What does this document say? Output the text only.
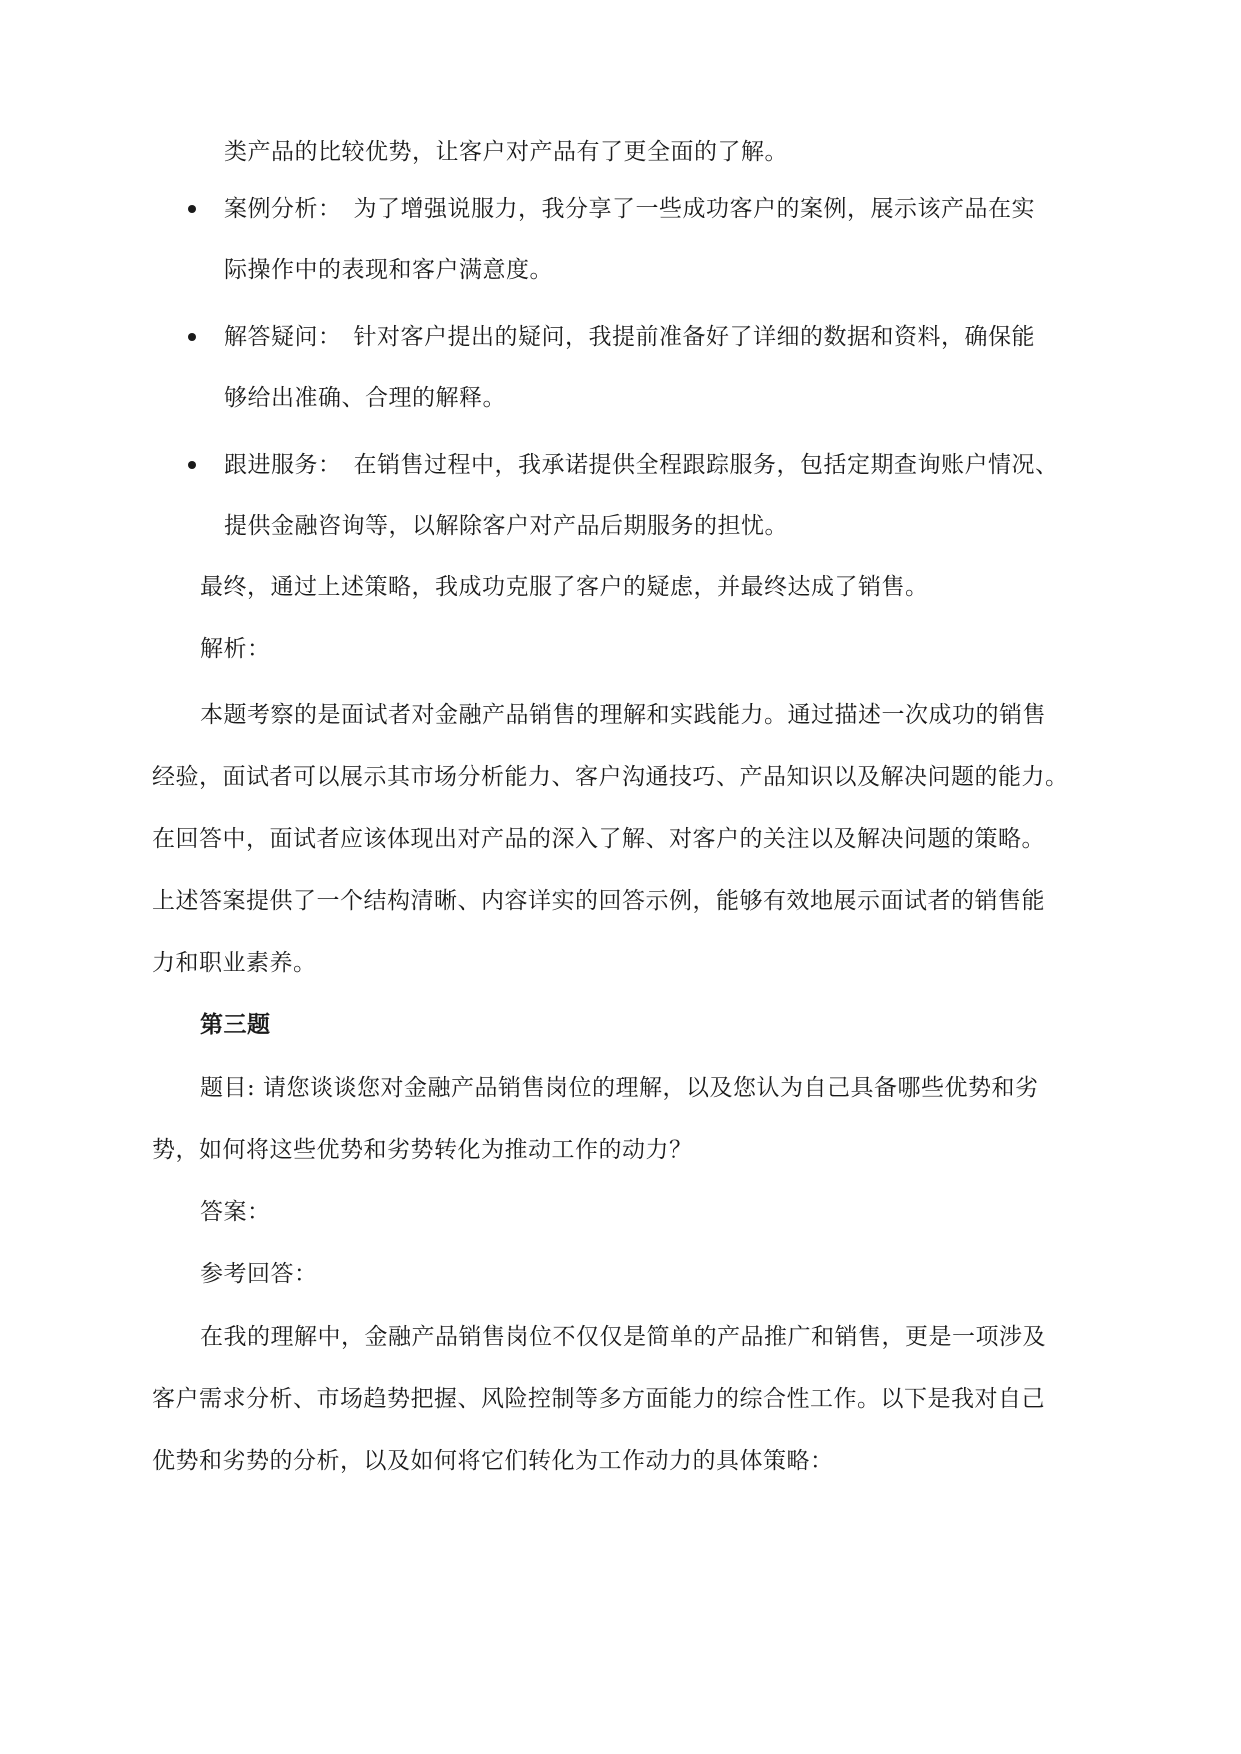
类产品的比较优势，让客户对产品有了更全面的了解。
案例分析：　为了增强说服力，我分享了一些成功客户的案例，展示该产品在实
际操作中的表现和客户满意度。
解答疑问：　针对客户提出的疑问，我提前准备好了详细的数据和资料，确保能
够给出准确、合理的解释。
跟进服务：　在销售过程中，我承诺提供全程跟踪服务，包括定期查询账户情况、
提供金融咨询等，以解除客户对产品后期服务的担忧。
最终，通过上述策略，我成功克服了客户的疑虑，并最终达成了销售。
解析：
本题考察的是面试者对金融产品销售的理解和实践能力。通过描述一次成功的销售
经验，面试者可以展示其市场分析能力、客户沟通技巧、产品知识以及解决问题的能力。
在回答中，面试者应该体现出对产品的深入了解、对客户的关注以及解决问题的策略。
上述答案提供了一个结构清晰、内容详实的回答示例，能够有效地展示面试者的销售能
力和职业素养。
第三题
题目: 请您谈谈您对金融产品销售岗位的理解，以及您认为自己具备哪些优势和劣
势，如何将这些优势和劣势转化为推动工作的动力？
答案：
参考回答：
在我的理解中，金融产品销售岗位不仅仅是简单的产品推广和销售，更是一项涉及
客户需求分析、市场趋势把握、风险控制等多方面能力的综合性工作。以下是我对自己
优势和劣势的分析，以及如何将它们转化为工作动力的具体策略：
